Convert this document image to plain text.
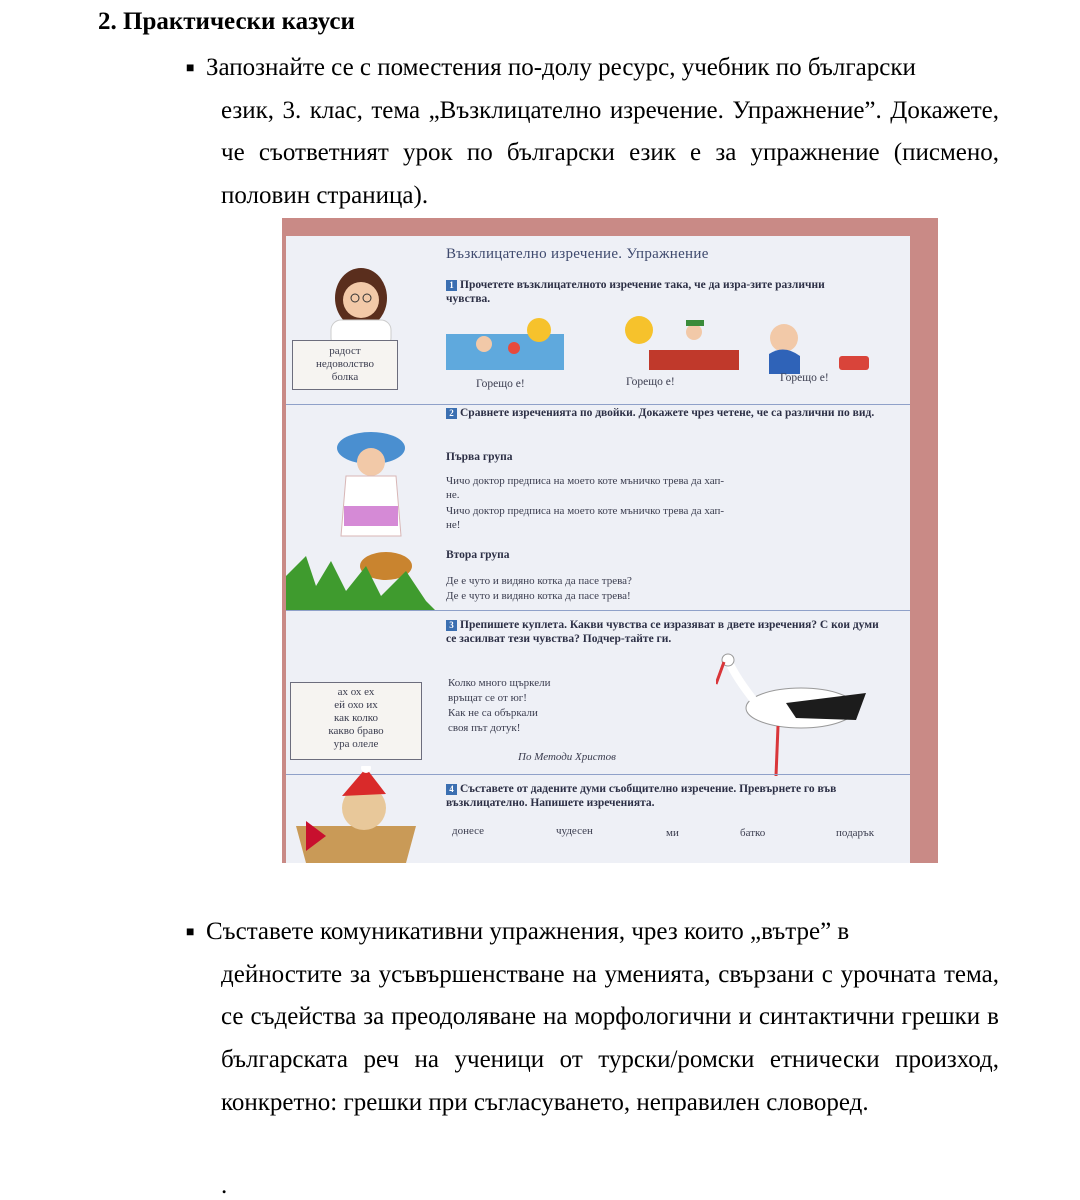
2. Практически казуси
■ Запознайте се с поместения по-долу ресурс, учебник по български
език, 3. клас, тема „Възклицателно изречение. Упражнение”. Докажете, че съответният урок по български език е за упражнение (писмено, половин страница).
Възклицателно изречение. Упражнение
радост
недоволство
болка
1 Прочетете възклицателното изречение така, че да изра-зите различни чувства.
Горещо е!	Горещо е!	Горещо е!
2 Сравнете изреченията по двойки. Докажете чрез четене, че са различни по вид.
Първа група
Чичо доктор предписа на моето коте мъничко трева да хап-
не.
Чичо доктор предписа на моето коте мъничко трева да хап-
не!
Втора група
Де е чуто и видяно котка да пасе трева?
Де е чуто и видяно котка да пасе трева!
3 Препишете куплета. Какви чувства се изразяват в двете изречения? С кои думи се засилват тези чувства? Подчер-тайте ги.
Колко много щъркели
връщат се от юг!
Как не са объркали
своя път дотук!
По Методи Христов
ах ох ех
ей охо их
как колко
какво браво
ура олеле
4 Съставете от дадените думи съобщително изречение. Превърнете го във възклицателно. Напишете изреченията.
донесе	чудесен	ми	батко	подарък
■ Съставете комуникативни упражнения, чрез които „вътре” в
дейностите за усъвършенстване на уменията, свързани с урочната тема, се съдейства за преодоляване на морфологични и синтактични грешки в българската реч на ученици от турски/ромски етнически произход, конкретно: грешки при съгласуването, неправилен словоред.
.
